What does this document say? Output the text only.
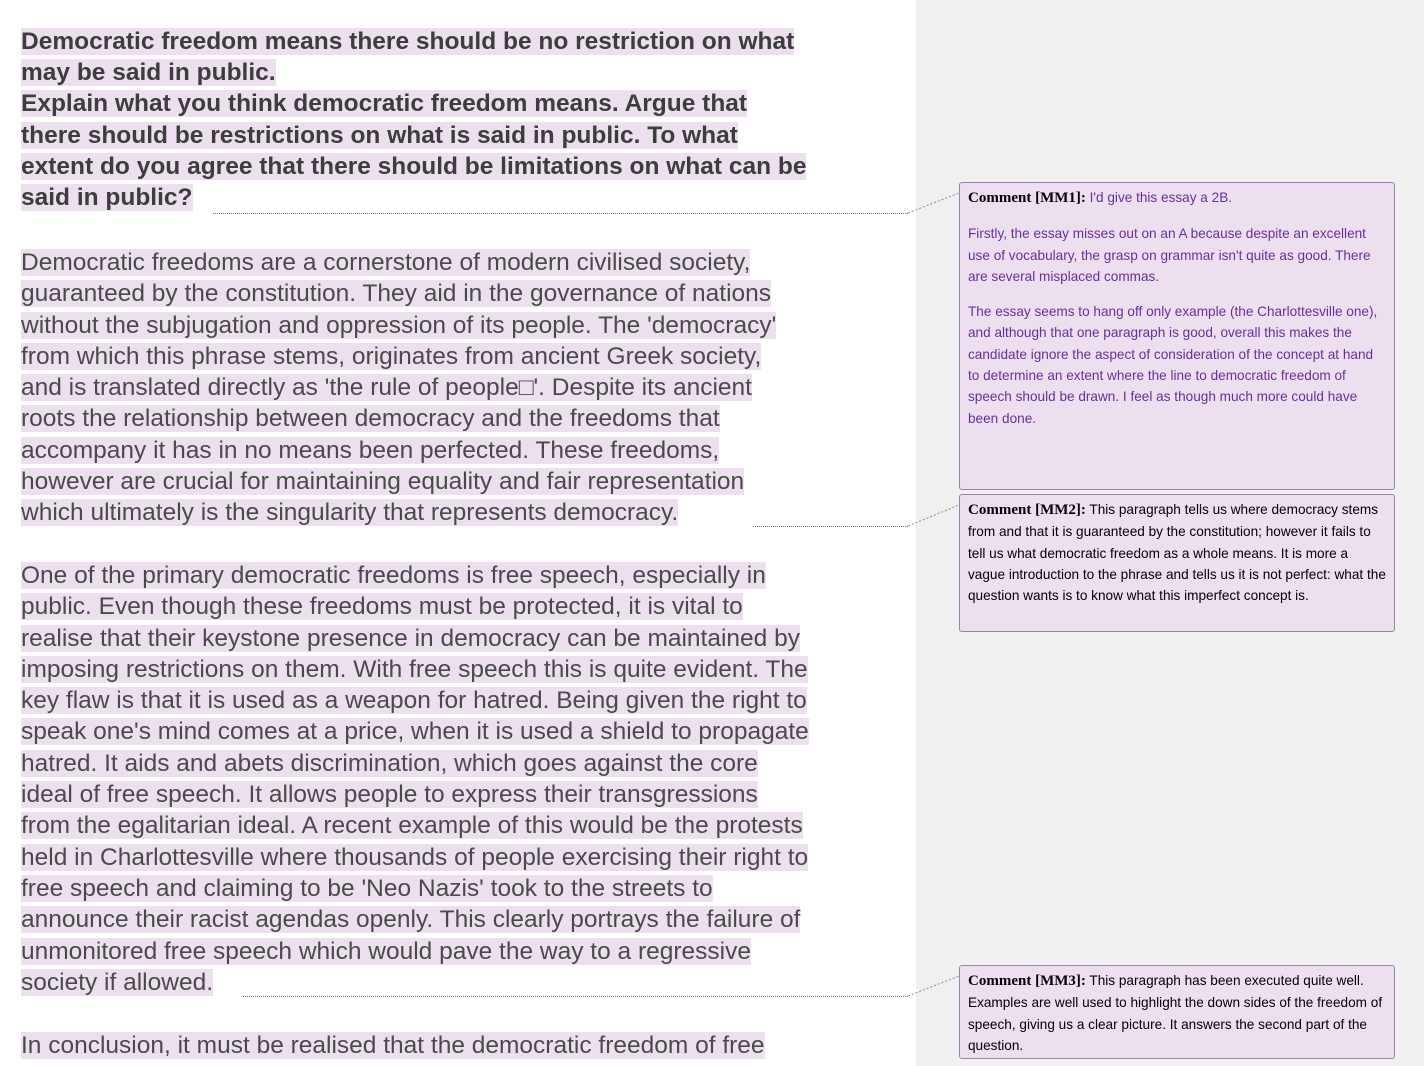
Democratic freedom means there should be no restriction on what
may be said in public.
Explain what you think democratic freedom means. Argue that
there should be restrictions on what is said in public. To what
extent do you agree that there should be limitations on what can be
said in public?
Democratic freedoms are a cornerstone of modern civilised society,
guaranteed by the constitution. They aid in the governance of nations
without the subjugation and oppression of its people. The 'democracy'
from which this phrase stems, originates from ancient Greek society,
and is translated directly as 'the rule of people□'. Despite its ancient
roots the relationship between democracy and the freedoms that
accompany it has in no means been perfected. These freedoms,
however are crucial for maintaining equality and fair representation
which ultimately is the singularity that represents democracy.
One of the primary democratic freedoms is free speech, especially in
public. Even though these freedoms must be protected, it is vital to
realise that their keystone presence in democracy can be maintained by
imposing restrictions on them. With free speech this is quite evident. The
key flaw is that it is used as a weapon for hatred. Being given the right to
speak one's mind comes at a price, when it is used a shield to propagate
hatred. It aids and abets discrimination, which goes against the core
ideal of free speech. It allows people to express their transgressions
from the egalitarian ideal. A recent example of this would be the protests
held in Charlottesville where thousands of people exercising their right to
free speech and claiming to be 'Neo Nazis' took to the streets to
announce their racist agendas openly. This clearly portrays the failure of
unmonitored free speech which would pave the way to a regressive
society if allowed.
In conclusion, it must be realised that the democratic freedom of free

Comment [MM1]: I'd give this essay a 2B.

Firstly, the essay misses out on an A because despite an excellent use of vocabulary, the grasp on grammar isn't quite as good. There are several misplaced commas.

The essay seems to hang off only example (the Charlottesville one), and although that one paragraph is good, overall this makes the candidate ignore the aspect of consideration of the concept at hand to determine an extent where the line to democratic freedom of speech should be drawn. I feel as though much more could have been done.

Comment [MM2]: This paragraph tells us where democracy stems from and that it is guaranteed by the constitution; however it fails to tell us what democratic freedom as a whole means. It is more a vague introduction to the phrase and tells us it is not perfect: what the question wants is to know what this imperfect concept is.
Comment [MM3]: This paragraph has been executed quite well. Examples are well used to highlight the down sides of the freedom of speech, giving us a clear picture. It answers the second part of the question.
